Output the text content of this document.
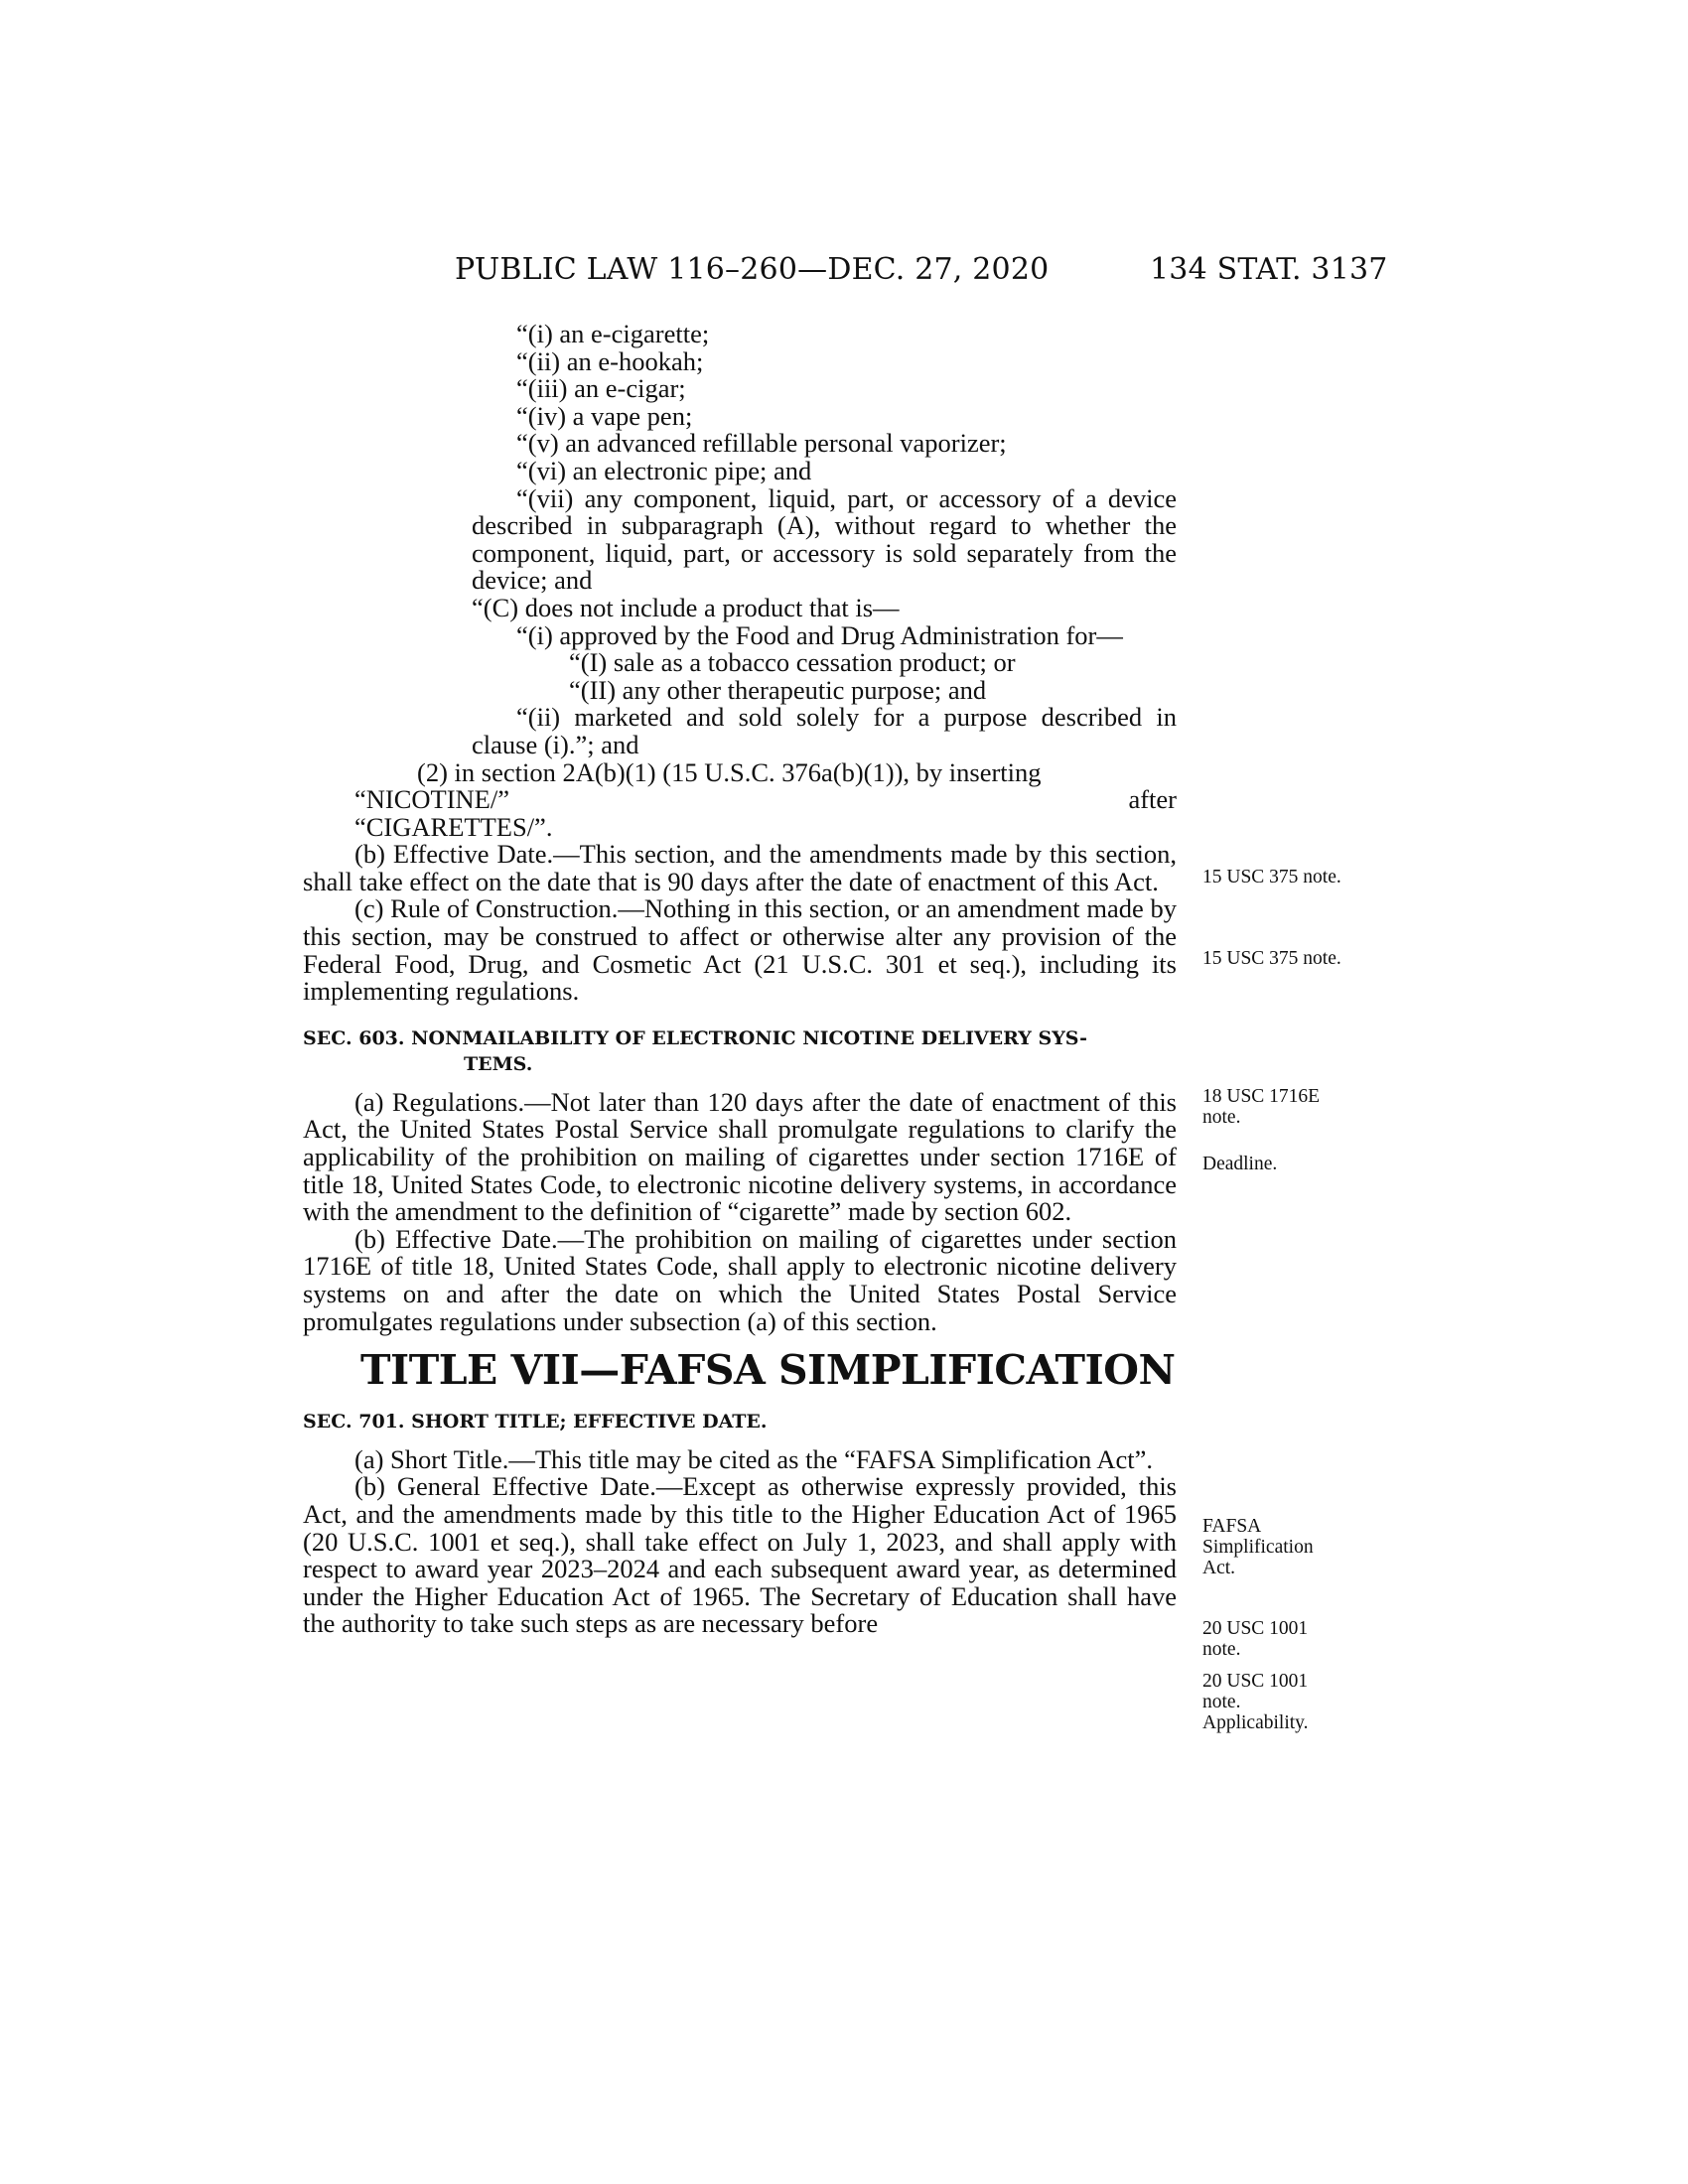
PUBLIC LAW 116–260—DEC. 27, 2020	134 STAT. 3137

“(i) an e-cigarette;

“(ii) an e-hookah;

“(iii) an e-cigar;

“(iv) a vape pen;

“(v) an advanced refillable personal vaporizer;

“(vi) an electronic pipe; and

“(vii) any component, liquid, part, or accessory of a device described in subparagraph (A), without regard to whether the component, liquid, part, or accessory is sold separately from the device; and

“(C) does not include a product that is—

“(i) approved by the Food and Drug Administration for—

“(I) sale as a tobacco cessation product; or

“(II) any other therapeutic purpose; and

“(ii) marketed and sold solely for a purpose described in clause (i).”; and

(2) in section 2A(b)(1) (15 U.S.C. 376a(b)(1)), by inserting

“NICOTINE/”	after

“CIGARETTES/”.

(b) Effective Date.—This section, and the amendments made by this section, shall take effect on the date that is 90 days after the date of enactment of this Act.

(c) Rule of Construction.—Nothing in this section, or an amendment made by this section, may be construed to affect or otherwise alter any provision of the Federal Food, Drug, and Cosmetic Act (21 U.S.C. 301 et seq.), including its implementing regulations.

SEC. 603. NONMAILABILITY OF ELECTRONIC NICOTINE DELIVERY SYS-
TEMS.

(a) Regulations.—Not later than 120 days after the date of enactment of this Act, the United States Postal Service shall promulgate regulations to clarify the applicability of the prohibition on mailing of cigarettes under section 1716E of title 18, United States Code, to electronic nicotine delivery systems, in accordance with the amendment to the definition of “cigarette” made by section 602.

(b) Effective Date.—The prohibition on mailing of cigarettes under section 1716E of title 18, United States Code, shall apply to electronic nicotine delivery systems on and after the date on which the United States Postal Service promulgates regulations under subsection (a) of this section.

TITLE VII—FAFSA SIMPLIFICATION

SEC. 701. SHORT TITLE; EFFECTIVE DATE.

(a) Short Title.—This title may be cited as the “FAFSA Simplification Act”.

(b) General Effective Date.—Except as otherwise expressly provided, this Act, and the amendments made by this title to the Higher Education Act of 1965 (20 U.S.C. 1001 et seq.), shall take effect on July 1, 2023, and shall apply with respect to award year 2023–2024 and each subsequent award year, as determined under the Higher Education Act of 1965. The Secretary of Education shall have the authority to take such steps as are necessary before

15 USC 375 note.
15 USC 375 note.
18 USC 1716E
note.
Deadline.
FAFSA
Simplification
Act.
20 USC 1001
note.
20 USC 1001
note.
Applicability.
